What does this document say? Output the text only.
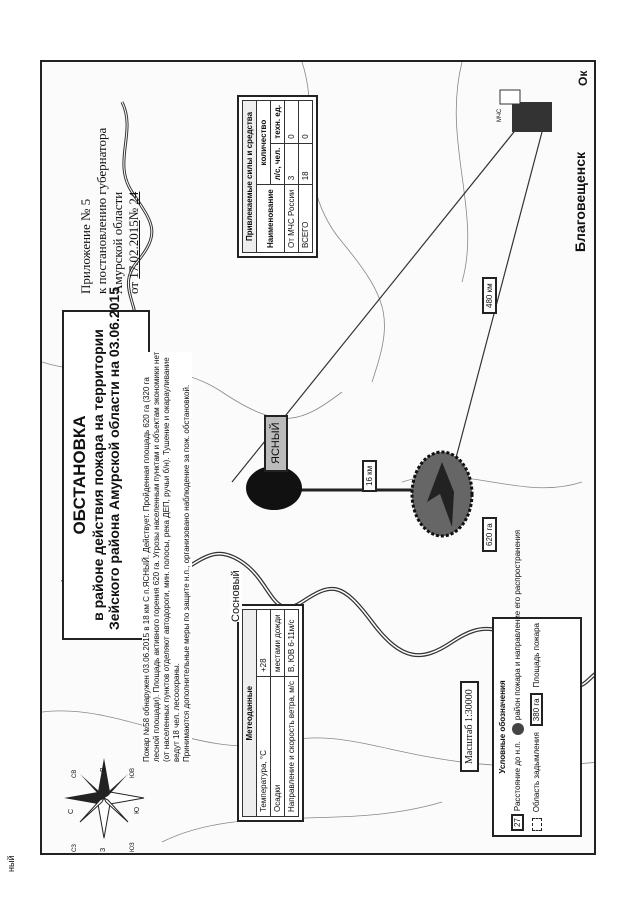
Приложение № 5 к постановлению губернатора Амурской области от 17.02.2015№ 24
ОБСТАНОВКА в районе действия пожара на территории Зейского района Амурской области на 03.06.2015	Пожар №58 обнаружен 03.06.2015 в 18 км С п.ЯСНЫЙ. Действует. Пройденная площадь 620 га (320 га лесной площади). Площадь активного горения 620 га. Угрозы населенным пунктам и объектам экономики нет (от населенных пунктов отделяют автодороги, мин. полосы, река ДЕП, ручьи б/н). Тушение и окарауливание ведут 18 чел. лесоохраны. Принимаются дополнительные меры по защите н.п., организовано наблюдение за пож. обстановкой.
Привлекаемые силы и средства		
Наименование	количество	
	л/с, чел.	техн. ед.
От МЧС России	3	0
ВСЕГО	18	0
Метеоданные	
Температура, °C	+28
Осадки	местами дожди
Направление и скорость ветра, м/с	В, ЮВ 6-11м/с
Масштаб 1:30000	Условные обозначения
27
Расстояние до н.п.
район пожара и направление его распространения
Область задымления
380 га
Площадь пожара
Благовещенск
Ок
МЧС
ЯСНЫЙ
Сосновый
480 км
16 км
620 га
С	Ю
В
З
СЗ
СВ
ЮЗ
ЮВ
ный
